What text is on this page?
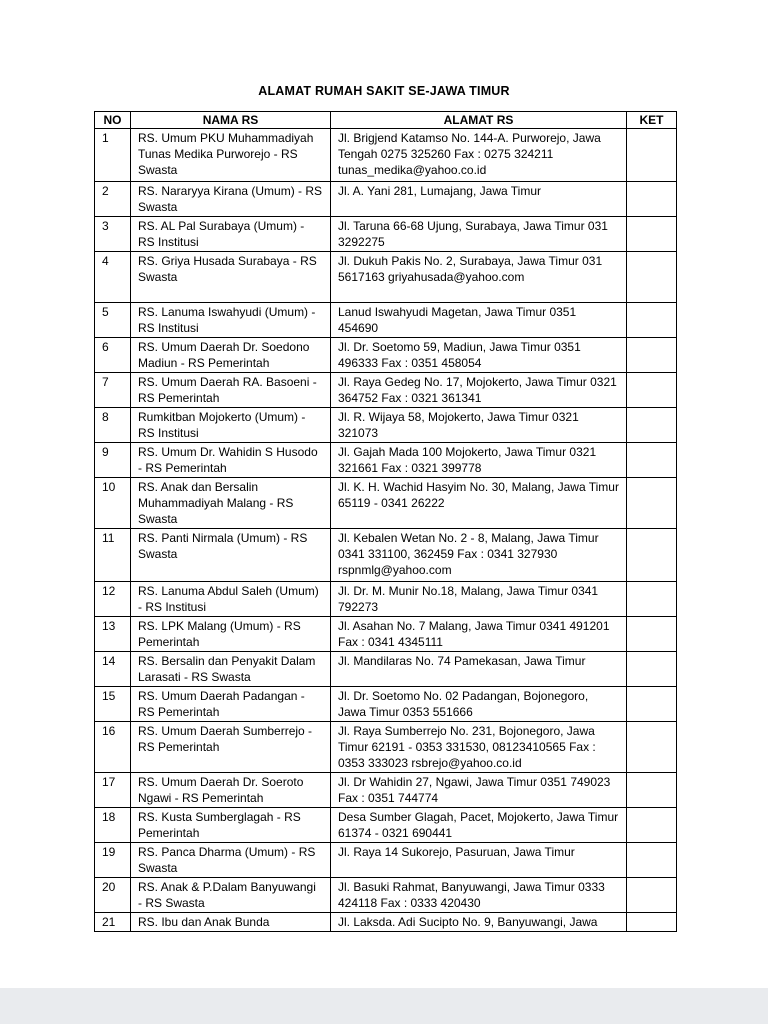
ALAMAT RUMAH SAKIT SE-JAWA TIMUR
NO	NAMA RS	ALAMAT RS	KET
1	RS. Umum PKU Muhammadiyah Tunas Medika Purworejo - RS Swasta	Jl. Brigjend Katamso No. 144-A. Purworejo, Jawa Tengah 0275 325260 Fax : 0275 324211 tunas_medika@yahoo.co.id	
2	RS. Nararyya Kirana (Umum) - RS Swasta	Jl. A. Yani 281, Lumajang, Jawa Timur	
3	RS. AL Pal Surabaya (Umum) - RS Institusi	Jl. Taruna 66-68 Ujung, Surabaya, Jawa Timur 031 3292275	
4	RS. Griya Husada Surabaya - RS Swasta	Jl. Dukuh Pakis No. 2, Surabaya, Jawa Timur 031 5617163 griyahusada@yahoo.com	
5	RS. Lanuma Iswahyudi (Umum) - RS Institusi	Lanud Iswahyudi Magetan, Jawa Timur 0351 454690	
6	RS. Umum Daerah Dr. Soedono Madiun - RS Pemerintah	Jl. Dr. Soetomo 59, Madiun, Jawa Timur 0351 496333 Fax : 0351 458054	
7	RS. Umum Daerah RA. Basoeni - RS Pemerintah	Jl. Raya Gedeg No. 17, Mojokerto, Jawa Timur 0321 364752 Fax : 0321 361341	
8	Rumkitban Mojokerto (Umum) - RS Institusi	Jl. R. Wijaya 58, Mojokerto, Jawa Timur 0321 321073	
9	RS. Umum Dr. Wahidin S Husodo - RS Pemerintah	Jl. Gajah Mada 100 Mojokerto, Jawa Timur 0321 321661 Fax : 0321 399778	
10	RS. Anak dan Bersalin Muhammadiyah Malang - RS Swasta	Jl. K. H. Wachid Hasyim No. 30, Malang, Jawa Timur 65119 - 0341 26222	
11	RS. Panti Nirmala (Umum) - RS Swasta	Jl. Kebalen Wetan No. 2 - 8, Malang, Jawa Timur 0341 331100, 362459 Fax : 0341 327930 rspnmlg@yahoo.com	
12	RS. Lanuma Abdul Saleh (Umum) - RS Institusi	Jl. Dr. M. Munir No.18, Malang, Jawa Timur 0341 792273	
13	RS. LPK Malang (Umum) - RS Pemerintah	Jl. Asahan No. 7 Malang, Jawa Timur 0341 491201 Fax : 0341 4345111	
14	RS. Bersalin dan Penyakit Dalam Larasati - RS Swasta	Jl. Mandilaras No. 74 Pamekasan, Jawa Timur	
15	RS. Umum Daerah Padangan - RS Pemerintah	Jl. Dr. Soetomo No. 02 Padangan, Bojonegoro, Jawa Timur 0353 551666	
16	RS. Umum Daerah Sumberrejo - RS Pemerintah	Jl. Raya Sumberrejo No. 231, Bojonegoro, Jawa Timur 62191 - 0353 331530, 08123410565 Fax : 0353 333023 rsbrejo@yahoo.co.id	
17	RS. Umum Daerah Dr. Soeroto Ngawi - RS Pemerintah	Jl. Dr Wahidin 27, Ngawi, Jawa Timur 0351 749023 Fax : 0351 744774	
18	RS. Kusta Sumberglagah - RS Pemerintah	Desa Sumber Glagah, Pacet, Mojokerto, Jawa Timur 61374 - 0321 690441	
19	RS. Panca Dharma (Umum) - RS Swasta	Jl. Raya 14 Sukorejo, Pasuruan, Jawa Timur	
20	RS. Anak & P.Dalam Banyuwangi - RS Swasta	Jl. Basuki Rahmat, Banyuwangi, Jawa Timur 0333 424118 Fax : 0333 420430	
21	RS. Ibu dan Anak Bunda	Jl. Laksda. Adi Sucipto No. 9, Banyuwangi, Jawa	
